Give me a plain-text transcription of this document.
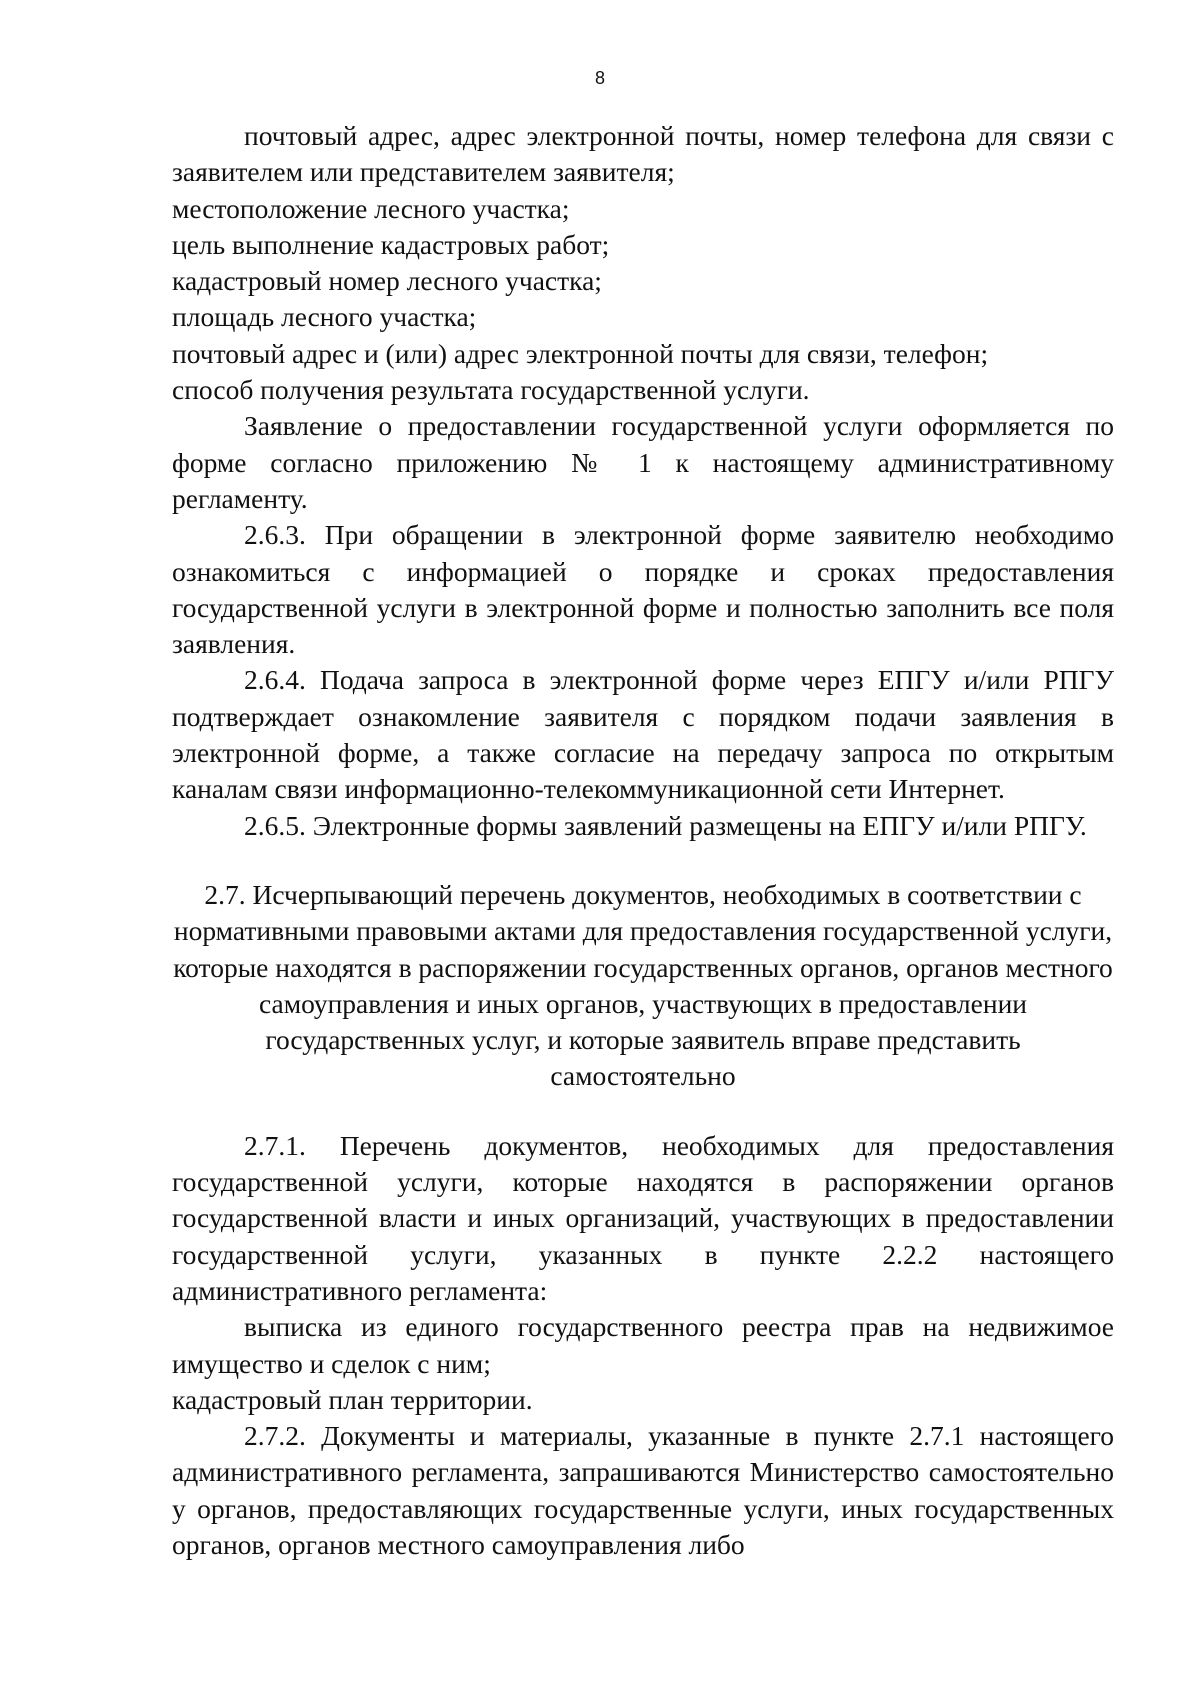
8

почтовый адрес, адрес электронной почты, номер телефона для связи с заявителем или представителем заявителя;

местоположение лесного участка;

цель выполнение кадастровых работ;

кадастровый номер лесного участка;

площадь лесного участка;

почтовый адрес и (или) адрес электронной почты для связи, телефон;

способ получения результата государственной услуги.

Заявление о предоставлении государственной услуги оформляется по форме согласно приложению № 1 к настоящему административному регламенту.

2.6.3. При обращении в электронной форме заявителю необходимо ознакомиться с информацией о порядке и сроках предоставления государственной услуги в электронной форме и полностью заполнить все поля заявления.

2.6.4. Подача запроса в электронной форме через ЕПГУ и/или РПГУ подтверждает ознакомление заявителя с порядком подачи заявления в электронной форме, а также согласие на передачу запроса по открытым каналам связи информационно-телекоммуникационной сети Интернет.

2.6.5. Электронные формы заявлений размещены на ЕПГУ и/или РПГУ.

2.7. Исчерпывающий перечень документов, необходимых в соответствии с нормативными правовыми актами для предоставления государственной услуги, которые находятся в распоряжении государственных органов, органов местного самоуправления и иных органов, участвующих в предоставлении государственных услуг, и которые заявитель вправе представить самостоятельно

2.7.1. Перечень документов, необходимых для предоставления государственной услуги, которые находятся в распоряжении органов государственной власти и иных организаций, участвующих в предоставлении государственной услуги, указанных в пункте 2.2.2 настоящего административного регламента:

выписка из единого государственного реестра прав на недвижимое имущество и сделок с ним;

кадастровый план территории.

2.7.2. Документы и материалы, указанные в пункте 2.7.1 настоящего административного регламента, запрашиваются Министерство самостоятельно у органов, предоставляющих государственные услуги, иных государственных органов, органов местного самоуправления либо
